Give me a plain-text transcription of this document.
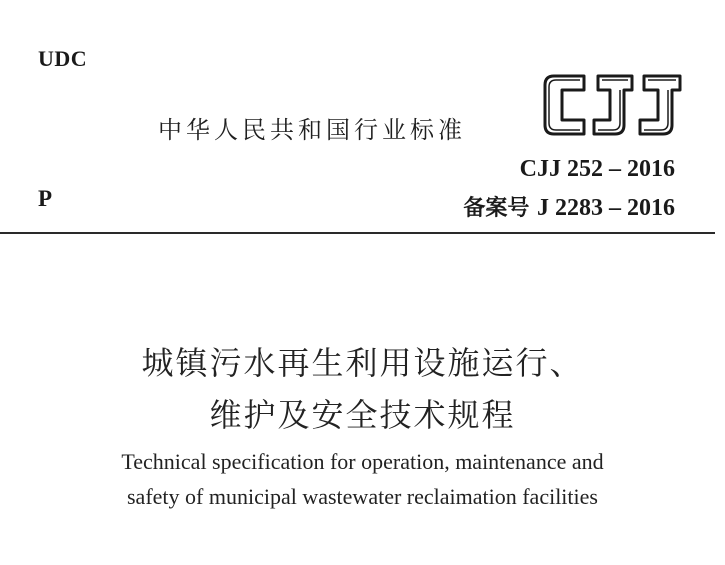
UDC
中华人民共和国行业标准
CJJ 252 – 2016
P	备案号 J 2283 – 2016
城镇污水再生利用设施运行、
维护及安全技术规程
Technical specification for operation, maintenance and
safety of municipal wastewater reclaimation facilities
